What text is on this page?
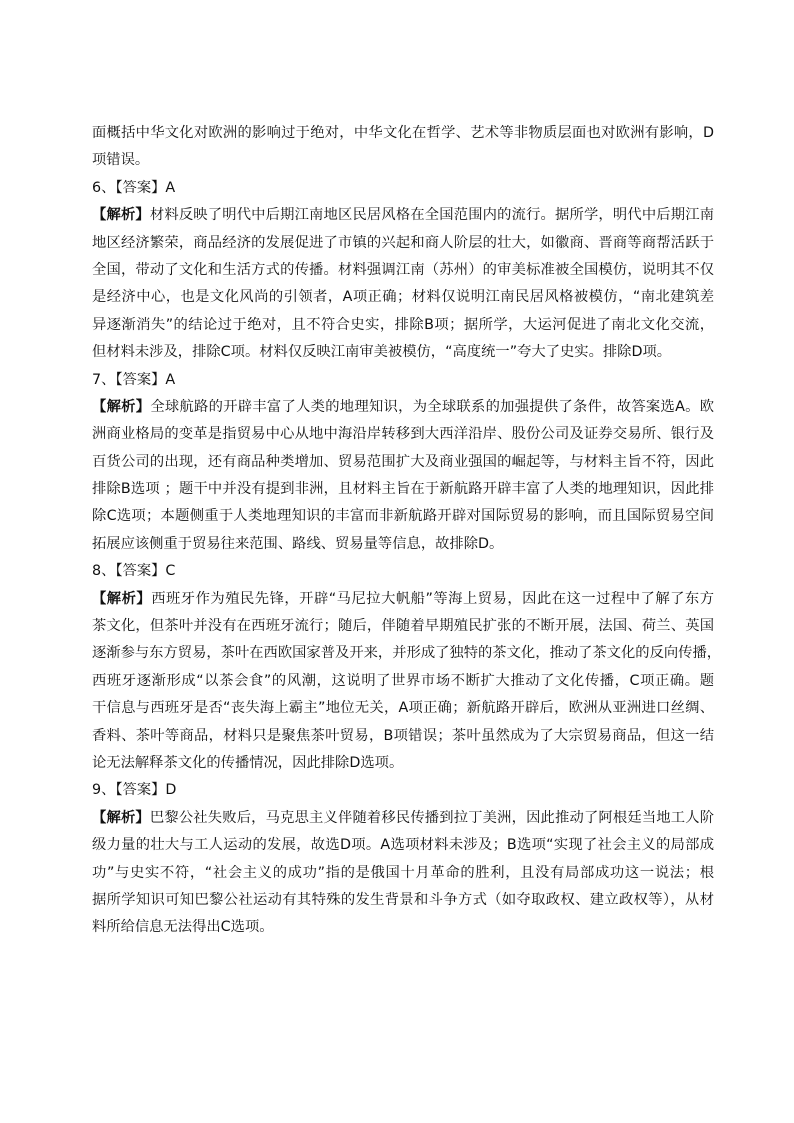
面概括中华文化对欧洲的影响过于绝对，中华文化在哲学、艺术等非物质层面也对欧洲有影响，D
项错误。
6、【答案】A
【解析】材料反映了明代中后期江南地区民居风格在全国范围内的流行。据所学，明代中后期江南
地区经济繁荣，商品经济的发展促进了市镇的兴起和商人阶层的壮大，如徽商、晋商等商帮活跃于
全国，带动了文化和生活方式的传播。材料强调江南（苏州）的审美标准被全国模仿，说明其不仅
是经济中心，也是文化风尚的引领者，A项正确；材料仅说明江南民居风格被模仿，“南北建筑差
异逐渐消失”的结论过于绝对，且不符合史实，排除B项；据所学，大运河促进了南北文化交流，
但材料未涉及，排除C项。材料仅反映江南审美被模仿，“高度统一”夸大了史实。排除D项。
7、【答案】A
【解析】全球航路的开辟丰富了人类的地理知识，为全球联系的加强提供了条件，故答案选A。欧
洲商业格局的变革是指贸易中心从地中海沿岸转移到大西洋沿岸、股份公司及证券交易所、银行及
百货公司的出现，还有商品种类增加、贸易范围扩大及商业强国的崛起等，与材料主旨不符，因此
排除B选项 ；题干中并没有提到非洲，且材料主旨在于新航路开辟丰富了人类的地理知识，因此排
除C选项；本题侧重于人类地理知识的丰富而非新航路开辟对国际贸易的影响，而且国际贸易空间
拓展应该侧重于贸易往来范围、路线、贸易量等信息，故排除D。
8、【答案】C
【解析】西班牙作为殖民先锋，开辟“马尼拉大帆船”等海上贸易，因此在这一过程中了解了东方
茶文化，但茶叶并没有在西班牙流行；随后，伴随着早期殖民扩张的不断开展，法国、荷兰、英国
逐渐参与东方贸易，茶叶在西欧国家普及开来，并形成了独特的茶文化，推动了茶文化的反向传播，
西班牙逐渐形成“以茶会食”的风潮，这说明了世界市场不断扩大推动了文化传播，C项正确。题
干信息与西班牙是否“丧失海上霸主”地位无关，A项正确；新航路开辟后，欧洲从亚洲进口丝绸、
香料、茶叶等商品，材料只是聚焦茶叶贸易，B项错误；茶叶虽然成为了大宗贸易商品，但这一结
论无法解释茶文化的传播情况，因此排除D选项。
9、【答案】D
【解析】巴黎公社失败后，马克思主义伴随着移民传播到拉丁美洲，因此推动了阿根廷当地工人阶
级力量的壮大与工人运动的发展，故选D项。A选项材料未涉及；B选项“实现了社会主义的局部成
功”与史实不符，“社会主义的成功”指的是俄国十月革命的胜利，且没有局部成功这一说法；根
据所学知识可知巴黎公社运动有其特殊的发生背景和斗争方式（如夺取政权、建立政权等），从材
料所给信息无法得出C选项。
